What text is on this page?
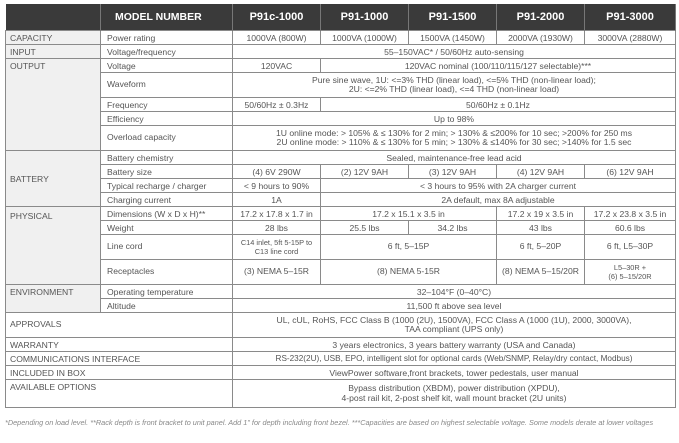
	MODEL NUMBER	P91c-1000	P91-1000	P91-1500	P91-2000	P91-3000
CAPACITY	Power rating	1000VA (800W)	1000VA (1000W)	1500VA (1450W)	2000VA (1930W)	3000VA (2880W)
INPUT	Voltage/frequency	55–150VAC* / 50/60Hz auto-sensing				
OUTPUT	Voltage	120VAC	120VAC nominal (100/110/115/127 selectable)***			
	Waveform	Pure sine wave, 1U: <=3% THD (linear load), <=5% THD (non-linear load);
2U: <=2% THD (linear load), <=4 THD (non-linear load)				

	Frequency	50/60Hz ± 0.3Hz	50/60Hz ± 0.1Hz			
	Efficiency	Up to 98%				
	Overload capacity	1U online mode: > 105% & ≤ 130% for 2 min; > 130% & ≤200% for 10 sec; >200% for 250 ms
2U online mode: > 110% & ≤ 130% for 5 min; > 130% & ≤140% for 30 sec; >140% for 1.5 sec				

BATTERY	Battery chemistry	Sealed, maintenance-free lead acid				
	Battery size	(4) 6V 290W	(2) 12V 9AH	(3) 12V 9AH	(4) 12V 9AH	(6) 12V 9AH
	Typical recharge / charger	< 9 hours to 90%	< 3 hours to 95% with 2A charger current			
	Charging current	1A	2A default, max 8A adjustable			
PHYSICAL	Dimensions (W x D x H)**	17.2 x 17.8 x 1.7 in	17.2 x 15.1 x 3.5 in		17.2 x 19 x 3.5 in	17.2 x 23.8 x 3.5 in
	Weight	28 lbs	25.5 lbs	34.2 lbs	43 lbs	60.6 lbs
	Line cord	C14 inlet, 5ft 5-15P to
C13 line cord	6 ft, 5–15P		6 ft, 5–20P	6 ft, L5–30P
	Receptacles	(3) NEMA 5–15R	(8) NEMA 5-15R		(8) NEMA 5–15/20R	L5–30R +
(6) 5–15/20R

ENVIRONMENT	Operating temperature	32–104°F (0–40°C)				
	Altitude	11,500 ft above sea level				
APPROVALS		UL, cUL, RoHS, FCC Class B (1000 (2U), 1500VA), FCC Class A (1000 (1U), 2000, 3000VA),
TAA compliant (UPS only)				

WARRANTY		3 years electronics, 3 years battery warranty (USA and Canada)				
COMMUNICATIONS INTERFACE		RS-232(2U), USB, EPO, intelligent slot for optional cards (Web/SNMP, Relay/dry contact, Modbus)				
INCLUDED IN BOX		ViewPower software,front brackets, tower pedestals, user manual				
AVAILABLE OPTIONS		Bypass distribution (XBDM), power distribution (XPDU),
4-post rail kit, 2-post shelf kit, wall mount bracket (2U units)				
*Depending on load level. **Rack depth is front bracket to unit panel. Add 1" for depth including front bezel. ***Capacities are based on highest selectable voltage. Some models derate at lower voltages
